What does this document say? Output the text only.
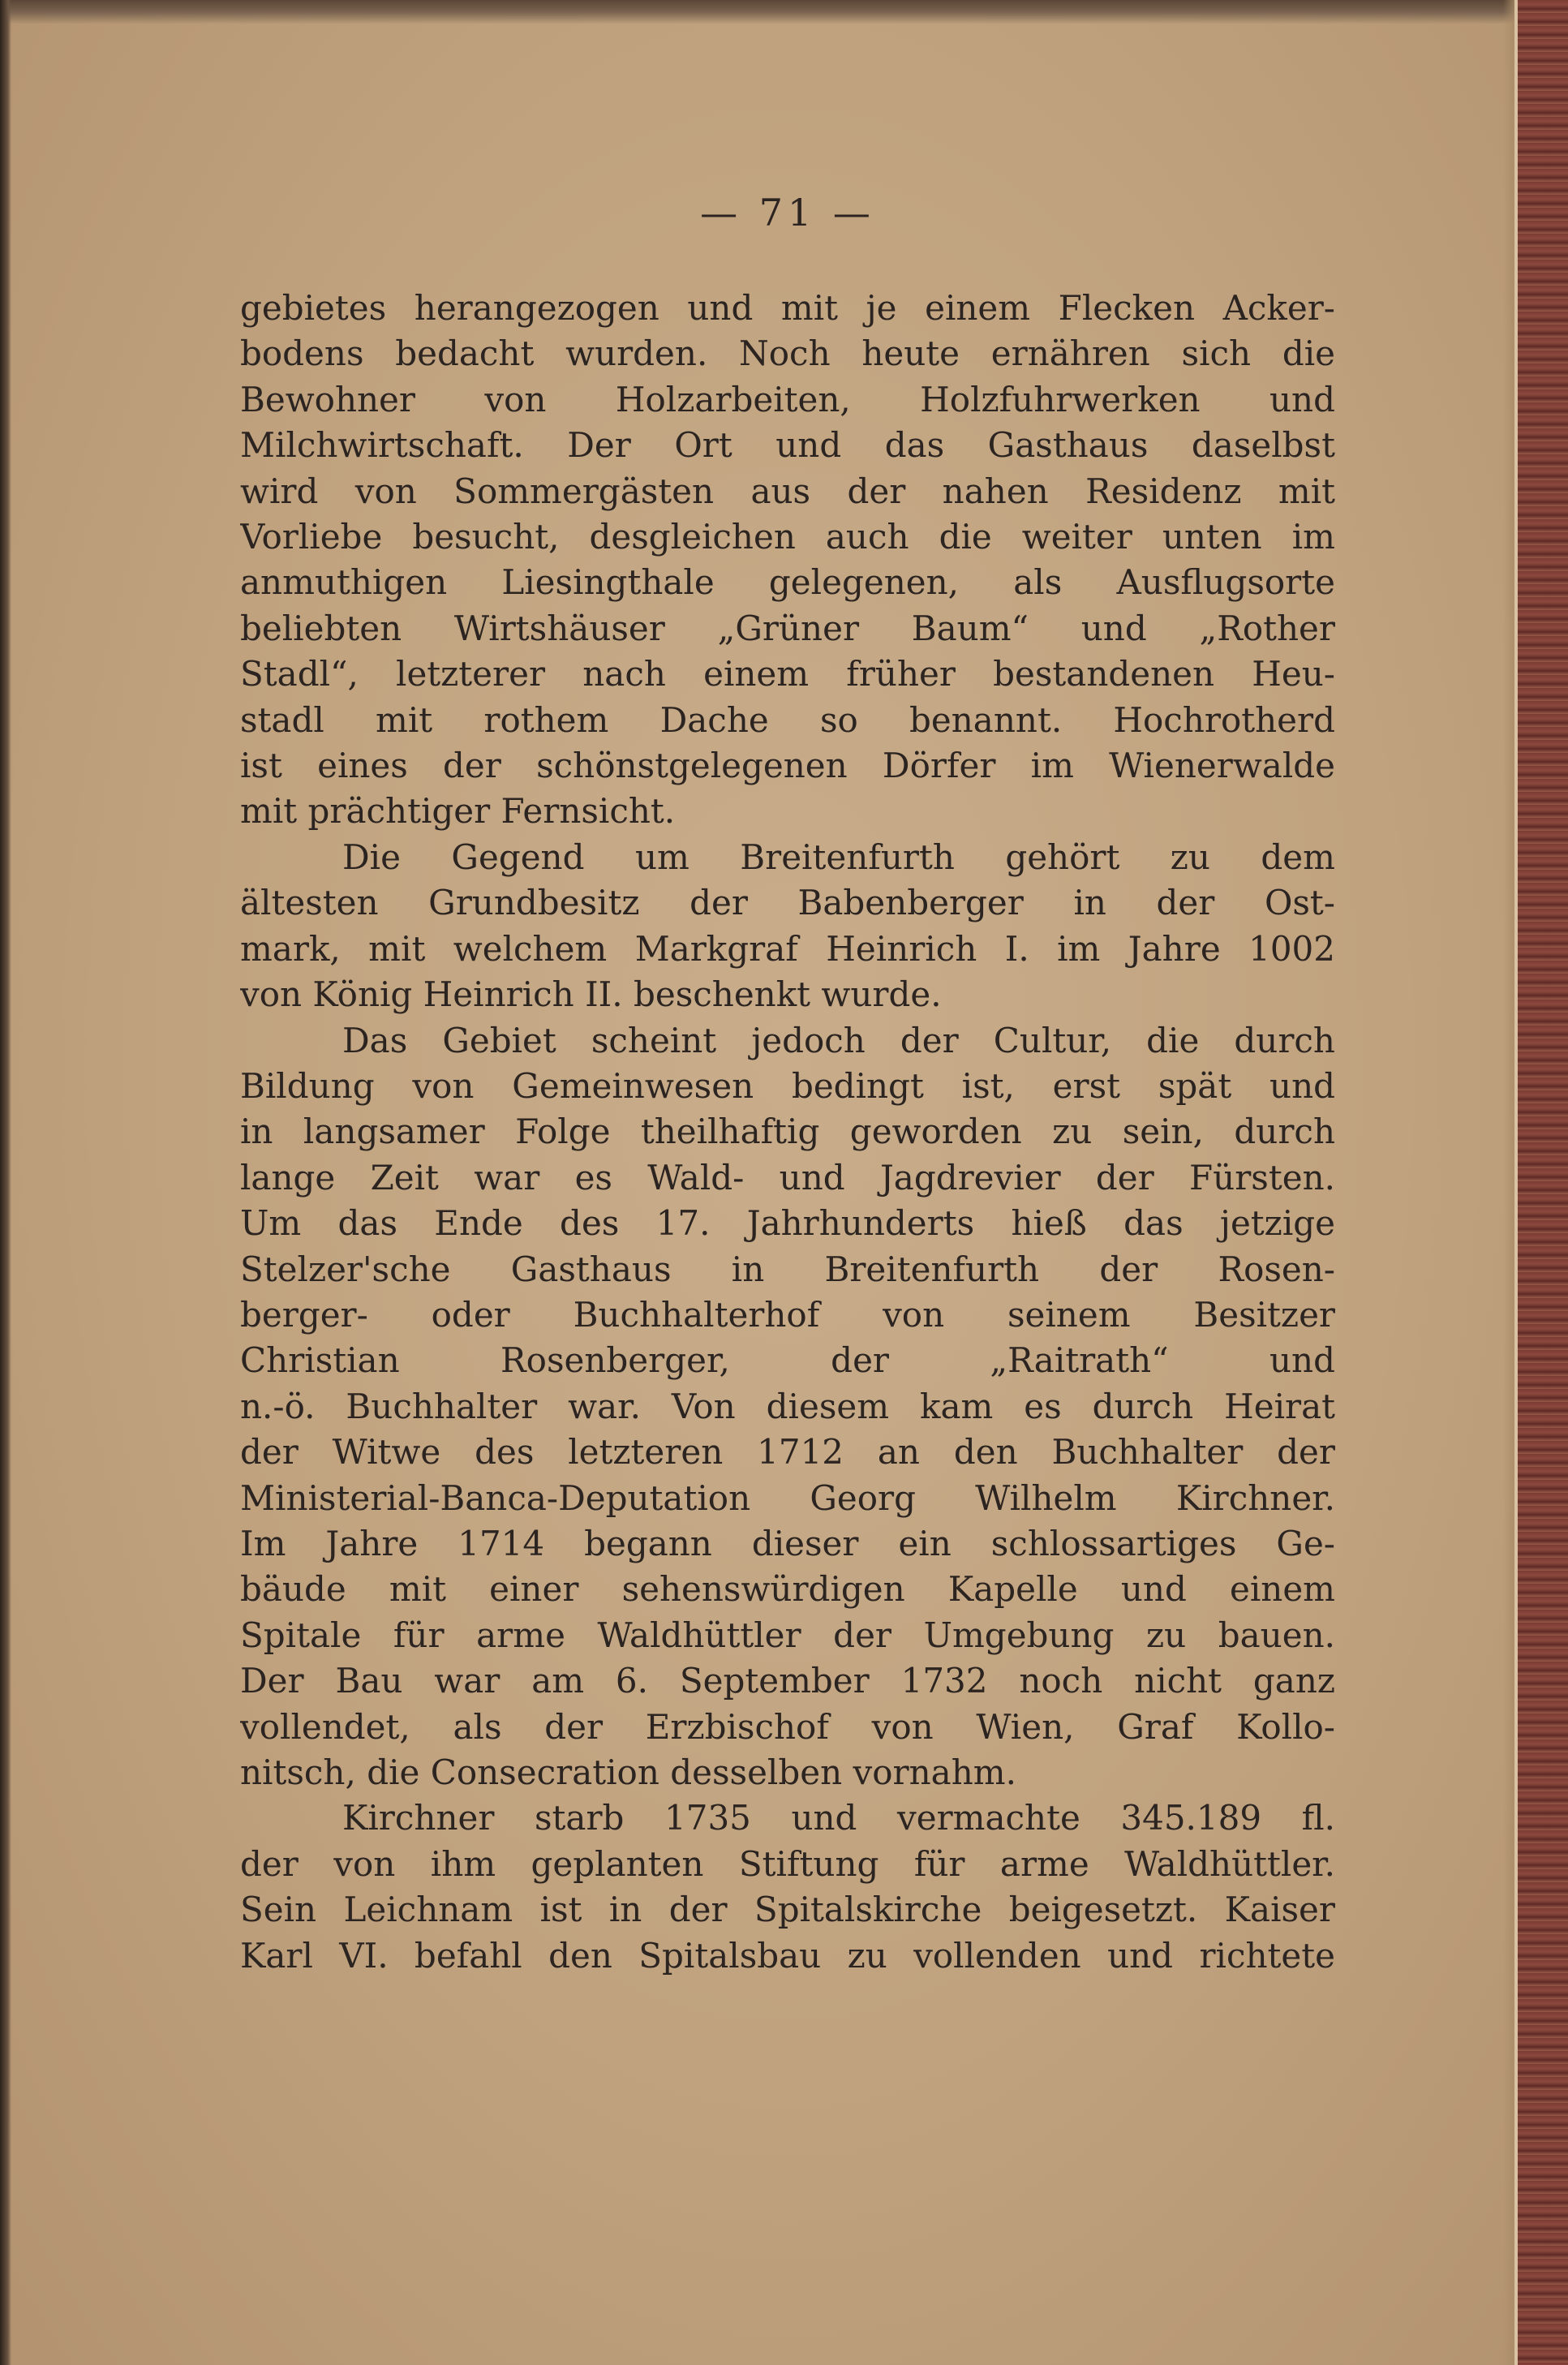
— 71 —
gebietes herangezogen und mit je einem Flecken Acker-
bodens bedacht wurden. Noch heute ernähren sich die
Bewohner von Holzarbeiten, Holzfuhrwerken und
Milchwirtschaft. Der Ort und das Gasthaus daselbst
wird von Sommergästen aus der nahen Residenz mit
Vorliebe besucht, desgleichen auch die weiter unten im
anmuthigen Liesingthale gelegenen, als Ausflugsorte
beliebten Wirtshäuser „Grüner Baum“ und „Rother
Stadl“, letzterer nach einem früher bestandenen Heu-
stadl mit rothem Dache so benannt. Hochrotherd
ist eines der schönstgelegenen Dörfer im Wienerwalde
mit prächtiger Fernsicht.
Die Gegend um Breitenfurth gehört zu dem
ältesten Grundbesitz der Babenberger in der Ost-
mark, mit welchem Markgraf Heinrich I. im Jahre 1002
von König Heinrich II. beschenkt wurde.
Das Gebiet scheint jedoch der Cultur, die durch
Bildung von Gemeinwesen bedingt ist, erst spät und
in langsamer Folge theilhaftig geworden zu sein, durch
lange Zeit war es Wald- und Jagdrevier der Fürsten.
Um das Ende des 17. Jahrhunderts hieß das jetzige
Stelzer'sche Gasthaus in Breitenfurth der Rosen-
berger- oder Buchhalterhof von seinem Besitzer
Christian Rosenberger, der „Raitrath“ und
n.-ö. Buchhalter war. Von diesem kam es durch Heirat
der Witwe des letzteren 1712 an den Buchhalter der
Ministerial-Banca-Deputation Georg Wilhelm Kirchner.
Im Jahre 1714 begann dieser ein schlossartiges Ge-
bäude mit einer sehenswürdigen Kapelle und einem
Spitale für arme Waldhüttler der Umgebung zu bauen.
Der Bau war am 6. September 1732 noch nicht ganz
vollendet, als der Erzbischof von Wien, Graf Kollo-
nitsch, die Consecration desselben vornahm.
Kirchner starb 1735 und vermachte 345.189 fl.
der von ihm geplanten Stiftung für arme Waldhüttler.
Sein Leichnam ist in der Spitalskirche beigesetzt. Kaiser
Karl VI. befahl den Spitalsbau zu vollenden und richtete
